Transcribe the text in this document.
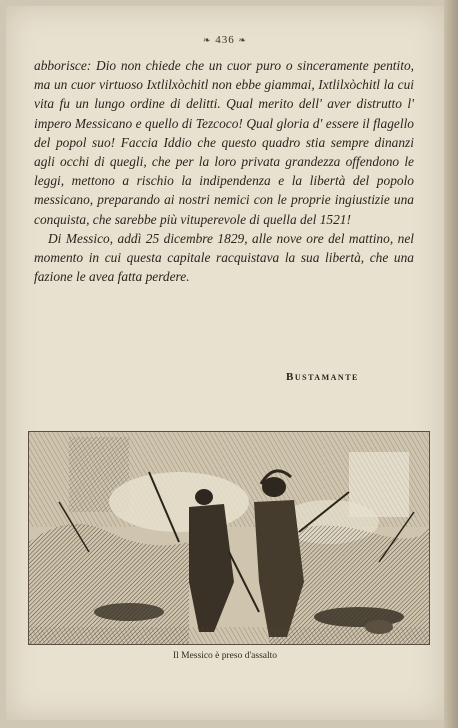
❧ 436 ❧

abborisce: Dio non chiede che un cuor puro o sinceramente pentito, ma un cuor virtuoso Ixtlilxòchitl non ebbe giammai, Ixtlilxòchitl la cui vita fu un lungo ordine di delitti. Qual merito dell' aver distrutto l' impero Messicano e quello di Tezcoco! Qual gloria d' essere il flagello del popol suo! Faccia Iddio che questo quadro stia sempre dinanzi agli occhi di quegli, che per la loro privata grandezza offendono le leggi, mettono a rischio la indipendenza e la libertà del popolo messicano, preparando ai nostri nemici con le proprie ingiustizie una conquista, che sarebbe più vituperevole di quella del 1521!

Di Messico, addì 25 dicembre 1829, alle nove ore del mattino, nel momento in cui questa capitale racquistava la sua libertà, che una fazione le avea fatta perdere.

Bustamante
Il Messico è preso d'assalto
